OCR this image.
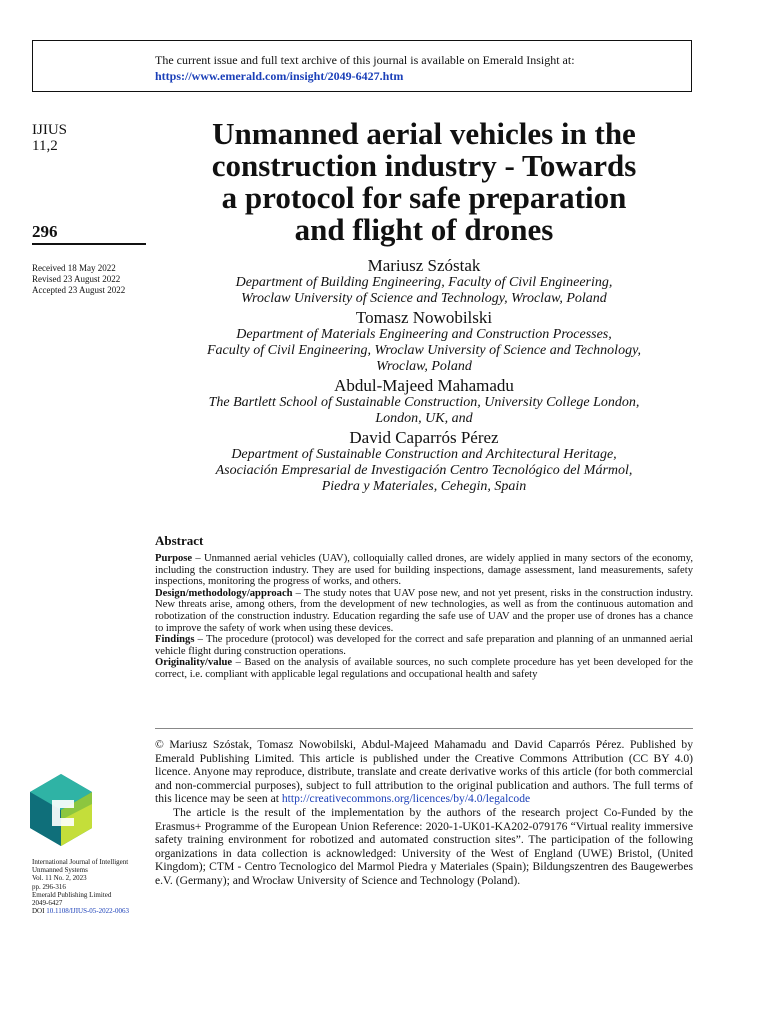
The current issue and full text archive of this journal is available on Emerald Insight at:
https://www.emerald.com/insight/2049-6427.htm
IJIUS
11,2
296
Received 18 May 2022
Revised 23 August 2022
Accepted 23 August 2022
Unmanned aerial vehicles in the
construction industry - Towards
a protocol for safe preparation
and flight of drones
Mariusz Szóstak
Department of Building Engineering, Faculty of Civil Engineering,
Wroclaw University of Science and Technology, Wroclaw, Poland
Tomasz Nowobilski
Department of Materials Engineering and Construction Processes,
Faculty of Civil Engineering, Wroclaw University of Science and Technology,
Wroclaw, Poland
Abdul-Majeed Mahamadu
The Bartlett School of Sustainable Construction, University College London,
London, UK, and
David Caparrós Pérez
Department of Sustainable Construction and Architectural Heritage,
Asociación Empresarial de Investigación Centro Tecnológico del Mármol,
Piedra y Materiales, Cehegin, Spain
Abstract

Purpose – Unmanned aerial vehicles (UAV), colloquially called drones, are widely applied in many sectors of the economy, including the construction industry. They are used for building inspections, damage assessment, land measurements, safety inspections, monitoring the progress of works, and others.

Design/methodology/approach – The study notes that UAV pose new, and not yet present, risks in the construction industry. New threats arise, among others, from the development of new technologies, as well as from the continuous automation and robotization of the construction industry. Education regarding the safe use of UAV and the proper use of drones has a chance to improve the safety of work when using these devices.

Findings – The procedure (protocol) was developed for the correct and safe preparation and planning of an unmanned aerial vehicle flight during construction operations.

Originality/value – Based on the analysis of available sources, no such complete procedure has yet been developed for the correct, i.e. compliant with applicable legal regulations and occupational health and safety

© Mariusz Szóstak, Tomasz Nowobilski, Abdul-Majeed Mahamadu and David Caparrós Pérez. Published by Emerald Publishing Limited. This article is published under the Creative Commons Attribution (CC BY 4.0) licence. Anyone may reproduce, distribute, translate and create derivative works of this article (for both commercial and non-commercial purposes), subject to full attribution to the original publication and authors. The full terms of this licence may be seen at http://creativecommons.org/licences/by/4.0/legalcode

The article is the result of the implementation by the authors of the research project Co-Funded by the Erasmus+ Programme of the European Union Reference: 2020-1-UK01-KA202-079176 “Virtual reality immersive safety training environment for robotized and automated construction sites”. The participation of the following organizations in data collection is acknowledged: University of the West of England (UWE) Bristol, (United Kingdom); CTM - Centro Tecnologico del Marmol Piedra y Materiales (Spain); Bildungszentren des Baugewerbes e.V. (Germany); and Wrocław University of Science and Technology (Poland).

International Journal of Intelligent
Unmanned Systems
Vol. 11 No. 2, 2023
pp. 296-316
Emerald Publishing Limited
2049-6427
DOI 10.1108/IJIUS-05-2022-0063
